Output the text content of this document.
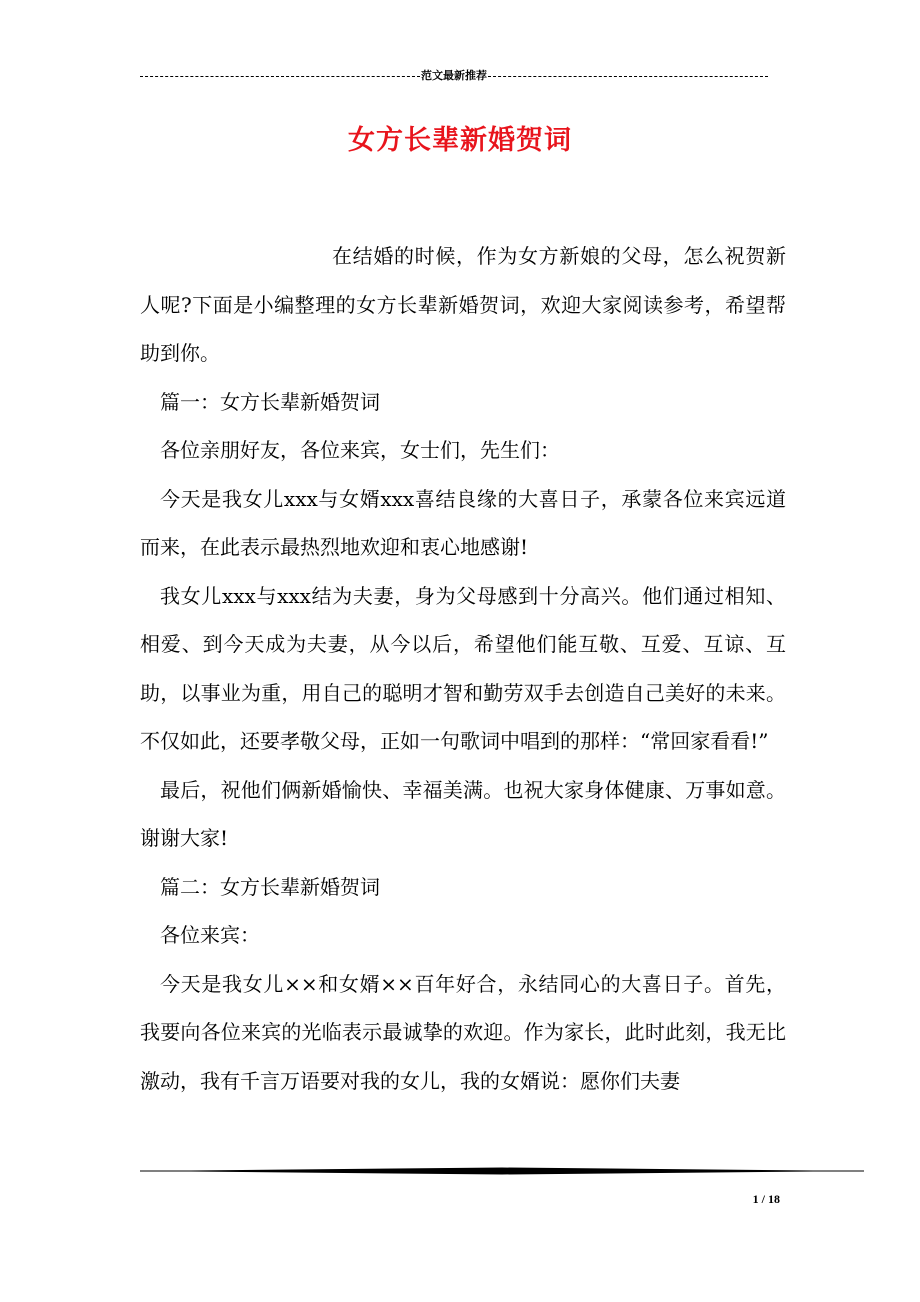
范文最新推荐
女方长辈新婚贺词

在结婚的时候，作为女方新娘的父母，怎么祝贺新人呢?下面是小编整理的女方长辈新婚贺词，欢迎大家阅读参考，希望帮助到你。

篇一：女方长辈新婚贺词

各位亲朋好友，各位来宾，女士们，先生们：

今天是我女儿xxx与女婿xxx喜结良缘的大喜日子，承蒙各位来宾远道而来，在此表示最热烈地欢迎和衷心地感谢!

我女儿xxx与xxx结为夫妻，身为父母感到十分高兴。他们通过相知、相爱、到今天成为夫妻，从今以后，希望他们能互敬、互爱、互谅、互助，以事业为重，用自己的聪明才智和勤劳双手去创造自己美好的未来。不仅如此，还要孝敬父母，正如一句歌词中唱到的那样：“常回家看看!”

最后，祝他们俩新婚愉快、幸福美满。也祝大家身体健康、万事如意。谢谢大家!

篇二：女方长辈新婚贺词

各位来宾：

今天是我女儿××和女婿××百年好合，永结同心的大喜日子。首先，我要向各位来宾的光临表示最诚挚的欢迎。作为家长，此时此刻，我无比激动，我有千言万语要对我的女儿，我的女婿说：愿你们夫妻

1 / 18
